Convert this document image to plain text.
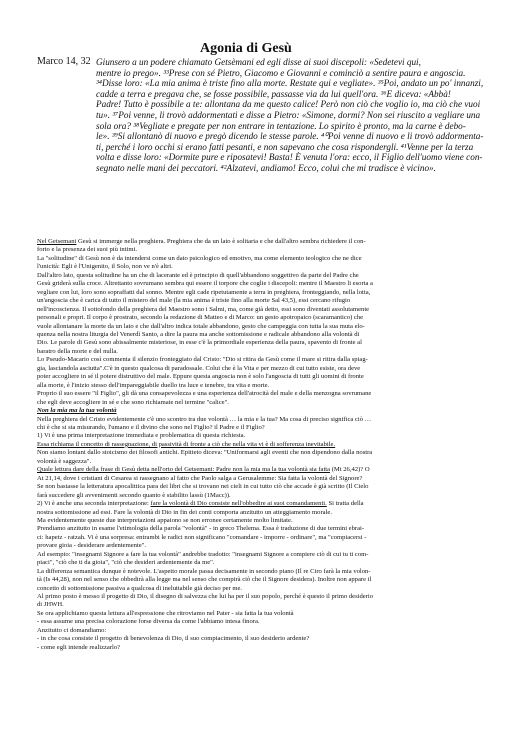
Agonia di Gesù
Marco 14, 32 Giunsero a un podere chiamato Getsèmani ed egli disse ai suoi discepoli: «Sedetevi qui,
mentre io prego». ³³Prese con sé Pietro, Giacomo e Giovanni e cominciò a sentire paura e angoscia.
³⁴Disse loro: «La mia anima è triste fino alla morte. Restate qui e vegliate». ³⁵Poi, andato un po' innanzi,
cadde a terra e pregava che, se fosse possibile, passasse via da lui quell'ora. ³⁶E diceva: «Abbà!
Padre! Tutto è possibile a te: allontana da me questo calice! Però non ciò che voglio io, ma ciò che vuoi
tu». ³⁷Poi venne, li trovò addormentati e disse a Pietro: «Simone, dormi? Non sei riuscito a vegliare una
sola ora? ³⁸Vegliate e pregate per non entrare in tentazione. Lo spirito è pronto, ma la carne è debo-
le». ³⁹Si allontanò di nuovo e pregò dicendo le stesse parole. ⁴⁰Poi venne di nuovo e li trovò addormenta-
ti, perché i loro occhi si erano fatti pesanti, e non sapevano che cosa rispondergli. ⁴¹Venne per la terza
volta e disse loro: «Dormite pure e riposatevi! Basta! È venuta l'ora: ecco, il Figlio dell'uomo viene con-
segnato nelle mani dei peccatori. ⁴²Alzatevi, andiamo! Ecco, colui che mi tradisce è vicino».
Nel Getsemani Gesù si immerge nella preghiera. Preghiera che da un lato è solitaria e che dall'altro sembra richiedere il con-
forto e la presenza dei suoi più intimi.
La "solitudine" di Gesù non è da intendersi come un dato psicologico ed emotivo, ma come elemento teologico che ne dice
l'unicità: Egli è l'Unigenito, il Solo, non ve n'è altri.
Dall'altro lato, questa solitudine ha un che di lacerante ed è principio di quell'abbandono soggettivo da parte del Padre che
Gesù griderà sulla croce. Altrettanto sovrumano sembra qui essere il torpore che coglie i discepoli: mentre il Maestro li esorta a
vegliare con lui, loro sono sopraffatti dal sonno. Mentre egli cade ripetutamente a terra in preghiera, fronteggiando, nella lotta,
un'angoscia che è carica di tutto il mistero del male (la mia anima è triste fino alla morte Sal 43,5), essi cercano rifugio
nell'incoscienza. Il sottofondo della preghiera del Maestro sono i Salmi, ma, come già detto, essi sono diventati assolutamente
personali e propri. Il corpo è prostrato, secondo la redazione di Matteo e di Marco: un gesto apotropaico (scaramantico) che
vuole allontanare la morte da un lato e che dall'altro indica totale abbandono, gesto che campeggia con tutta la sua muta elo-
quenza nella nostra liturgia del Venerdì Santo, a dire la paura ma anche sottomissione e radicale abbandono alla volontà di
Dio. Le parole di Gesù sono abissalmente misteriose, in esse c'è la primordiale esperienza della paura, spavento di fronte al
baratro della morte e del nulla.
Lo Pseudo-Macario così commenta il silenzio fronteggiato dal Cristo: "Dio si ritira da Gesù come il mare si ritira dalla spiag-
gia, lasciandola asciutta".C'è in questo qualcosa di paradossale. Colui che è la Vita e per mezzo di cui tutto esiste, ora deve
poter accogliere in sé il potere distruttivo del male. Eppure questa angoscia non è solo l'angoscia di tutti gli uomini di fronte
alla morte, è l'inizio stesso dell'impareggiabile duello tra luce e tenebre, tra vita e morte.
Proprio il suo essere "il Figlio", gli dà una consapevolezza e una esperienza dell'atrocità del male e della menzogna sovrumane
che egli deve accogliere in sé e che sono richiamate nel termine "calice".
Non la mia ma la tua volontà
Nella preghiera del Cristo evidentemente c'è uno scontro tra due volontà … la mia e la tua? Ma cosa di preciso significa ciò …
chi è che si sta misurando, l'umano e il divino che sono nel Figlio? il Padre e il Figlio?
1) Vi è una prima interpretazione immediata e problematica di questa richiesta.
Essa richiama il concetto di rassegnazione, di passività di fronte a ciò che nella vita vi è di sofferenza inevitabile.
Non siamo lontani dallo stoicismo dei filosofi antichi. Epitteto diceva: "Uniformarsi agli eventi che non dipendono dalla nostra
volontà è saggezza".
Quale lettura dare della frase di Gesù detta nell'orto del Getsemani: Padre non la mia ma la tua volontà sia fatta (Mt 26,42)? O
At 21,14, dove i cristiani di Cesarea si rassegnano al fatto che Paolo salga a Gerusalemme: Sia fatta la volontà del Signore?
Se non bastasse la letteratura apocalittica para dei libri che si trovano nei cieli in cui tutto ciò che accade è già scritto (Il Cielo
farà succedere gli avvenimenti secondo quanto è stabilito lassù (1Macc)).
2) Vi è anche una seconda interpretazione: fare la volontà di Dio consiste nell'obbedire ai suoi comandamenti. Si tratta della
nostra sottomissione ad essi. Fare la volontà di Dio in fin dei conti comporta anzitutto un atteggiamento morale.
Ma evidentemente queste due interpretazioni appaiono se non erronee certamente molto limitate.
Prendiamo anzitutto in esame l'etimologia della parola "volontà" - in greco Thelema. Essa è traduzione di due termini ebrai-
ci: hapetz - ratzah. Vi è una sorpresa: entrambi le radici non significano "comandare - imporre - ordinare", ma "compiacersi -
provare gioia - desiderare ardentemente".
Ad esempio: "insegnami Signore a fare la tua volontà" andrebbe tradotto: "insegnami Signore a compiere ciò di cui tu ti com-
piaci", "ciò che ti da gioia", "ciò che desideri ardentemente da me".
La differenza semantica dunque è notevole. L'aspetto morale passa decisamente in secondo piano (Il re Ciro farà la mia volon-
tà (Is 44,28), non nel senso che obbedirà alla legge ma nel senso che compirà ciò che il Signore desidera). Inoltre non appare il
concetto di sottomissione passiva a qualcosa di ineluttabile già deciso per me.
Al primo posto è messo il progetto di Dio, il disegno di salvezza che lui ha per il suo popolo, perché è questo il primo desiderio
di JHWH.
Se ora applichiamo questa lettura all'espressione che ritroviamo nel Pater - sia fatta la tua volontà
- essa assume una precisa colorazione forse diversa da come l'abbiamo intesa finora.
Anzitutto ci domandiamo:
- in che cosa consiste il progetto di benevolenza di Dio, il suo compiacimento, il suo desiderio ardente?
- come egli intende realizzarlo?
